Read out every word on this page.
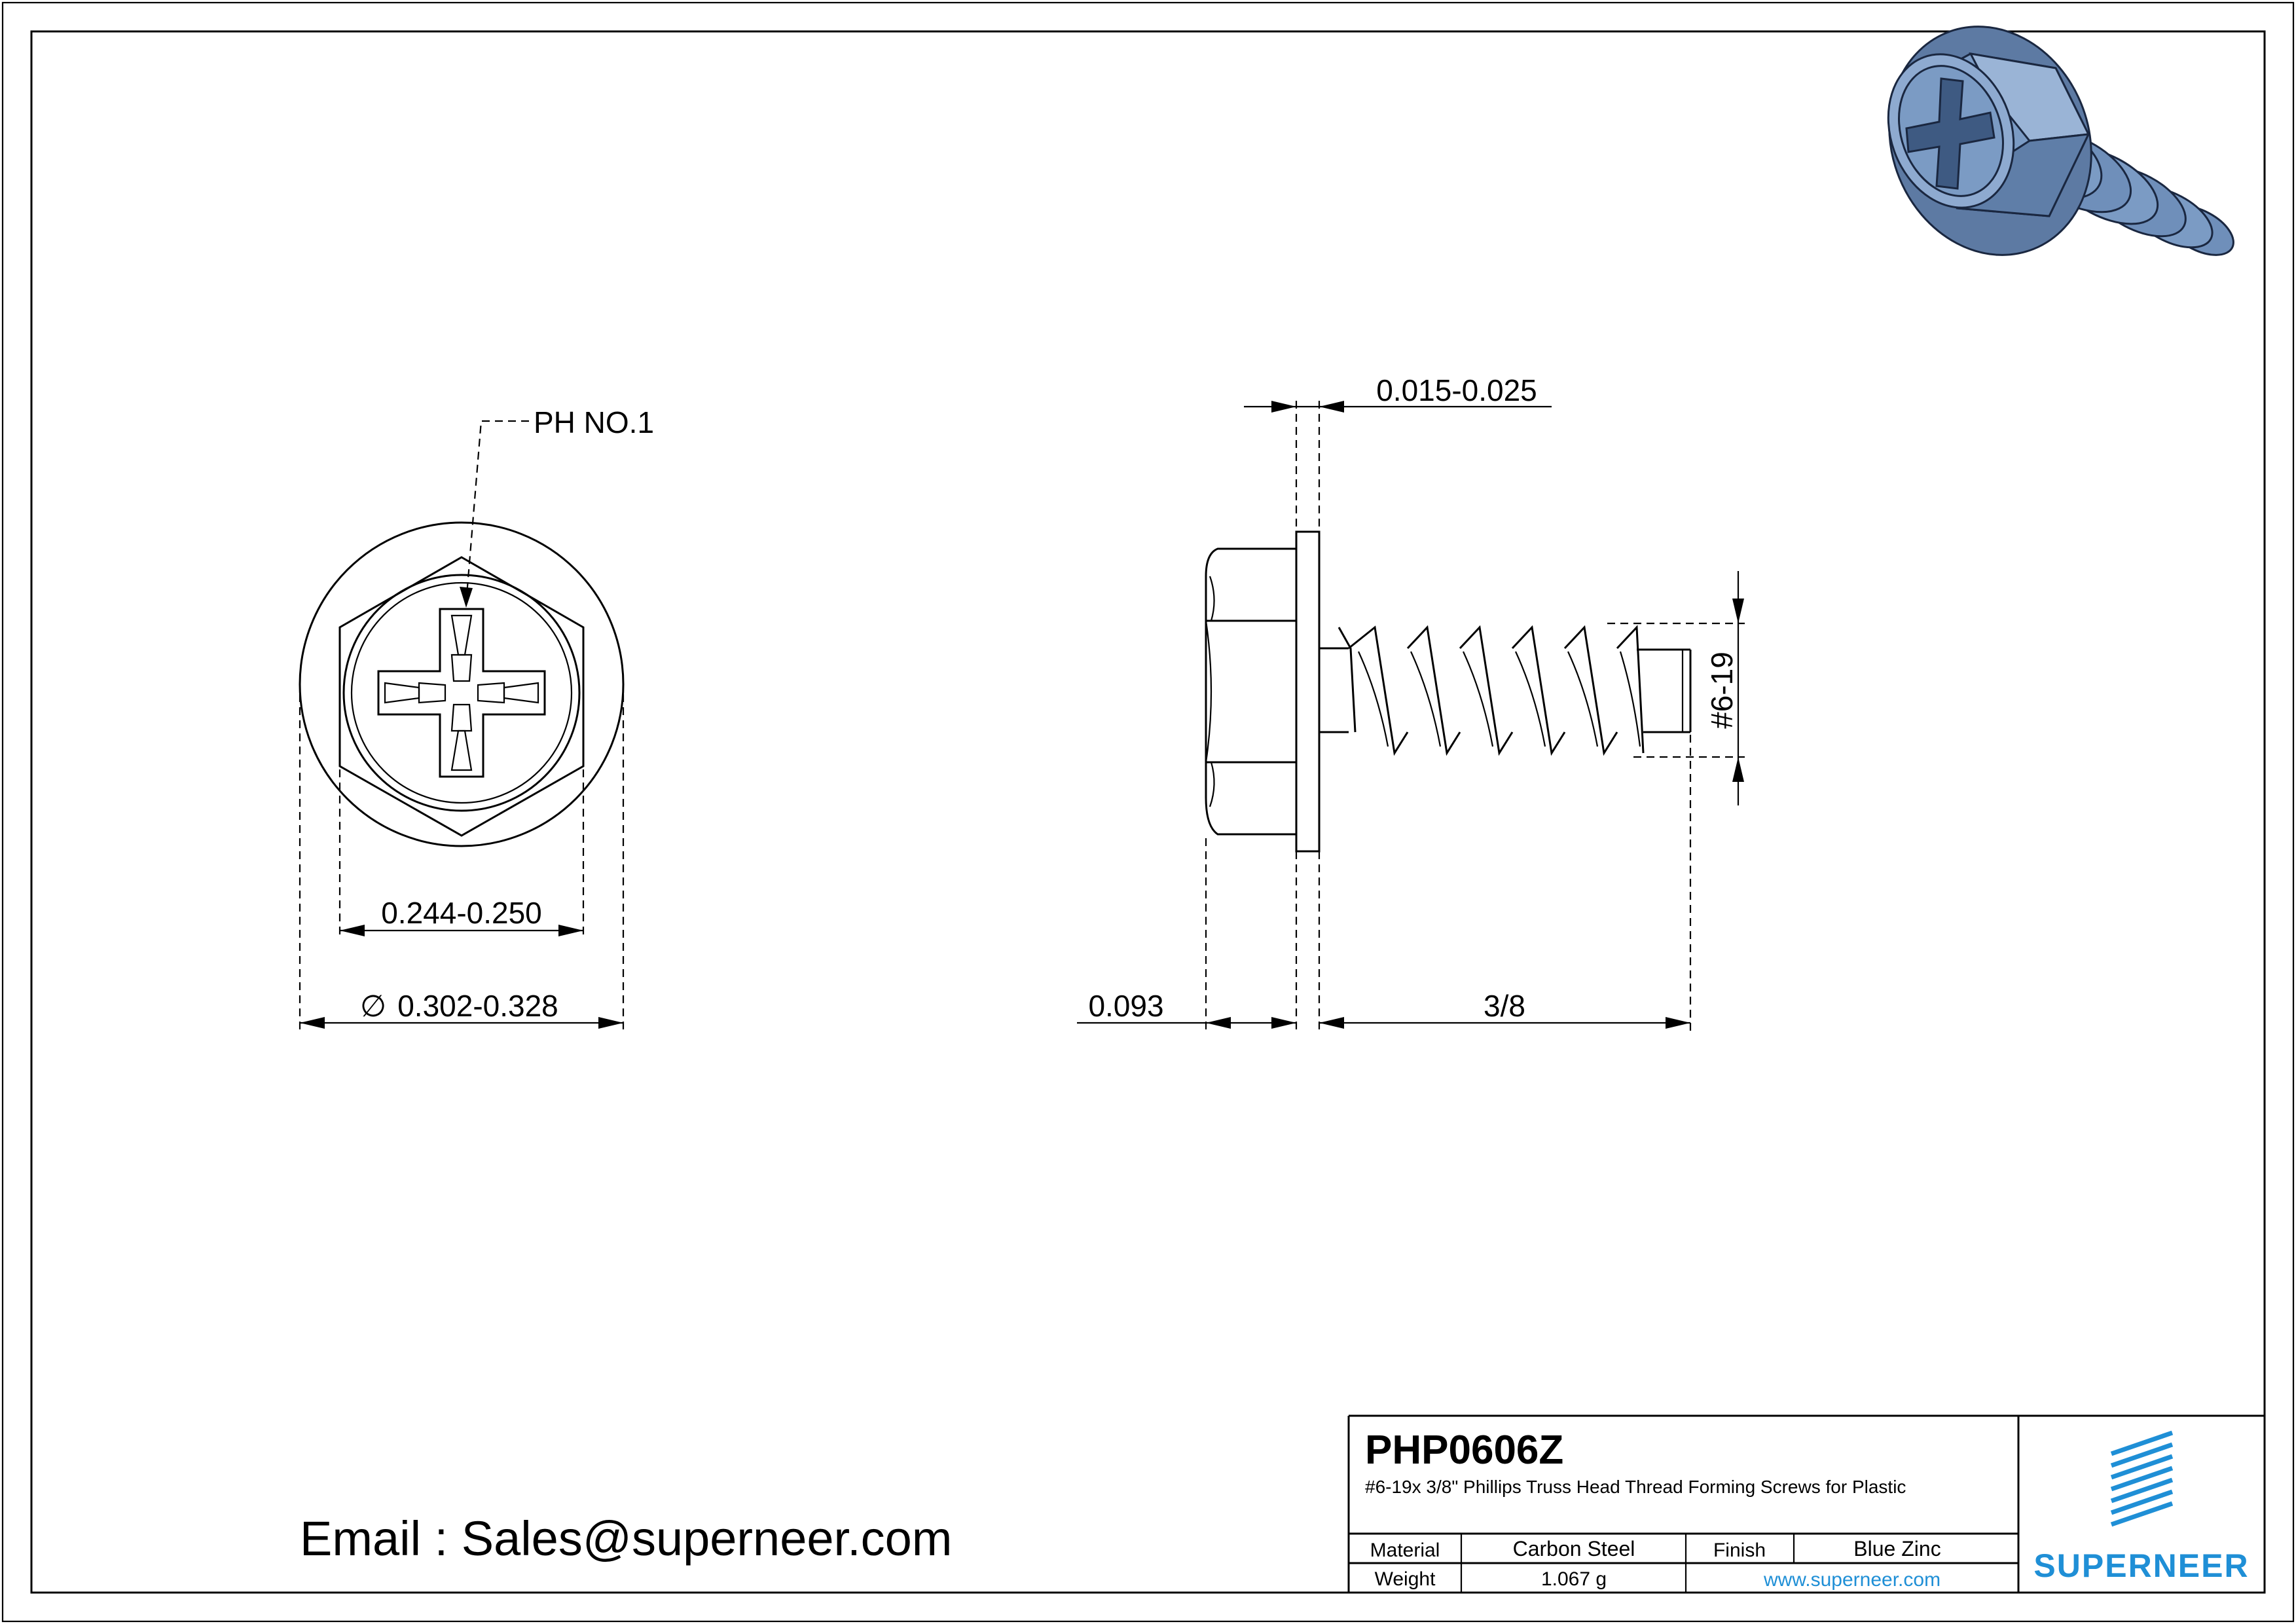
PH NO.1
0.244-0.250
∅ 0.302-0.328
0.015-0.025
0.093	3/8
#6-19
Email : Sales@superneer.com
PHP0606Z
#6-19x 3/8" Phillips Truss Head Thread Forming Screws for Plastic
Material	Carbon Steel	Finish	Blue Zinc
Weight	1.067 g	www.superneer.com	SUPERNEER
